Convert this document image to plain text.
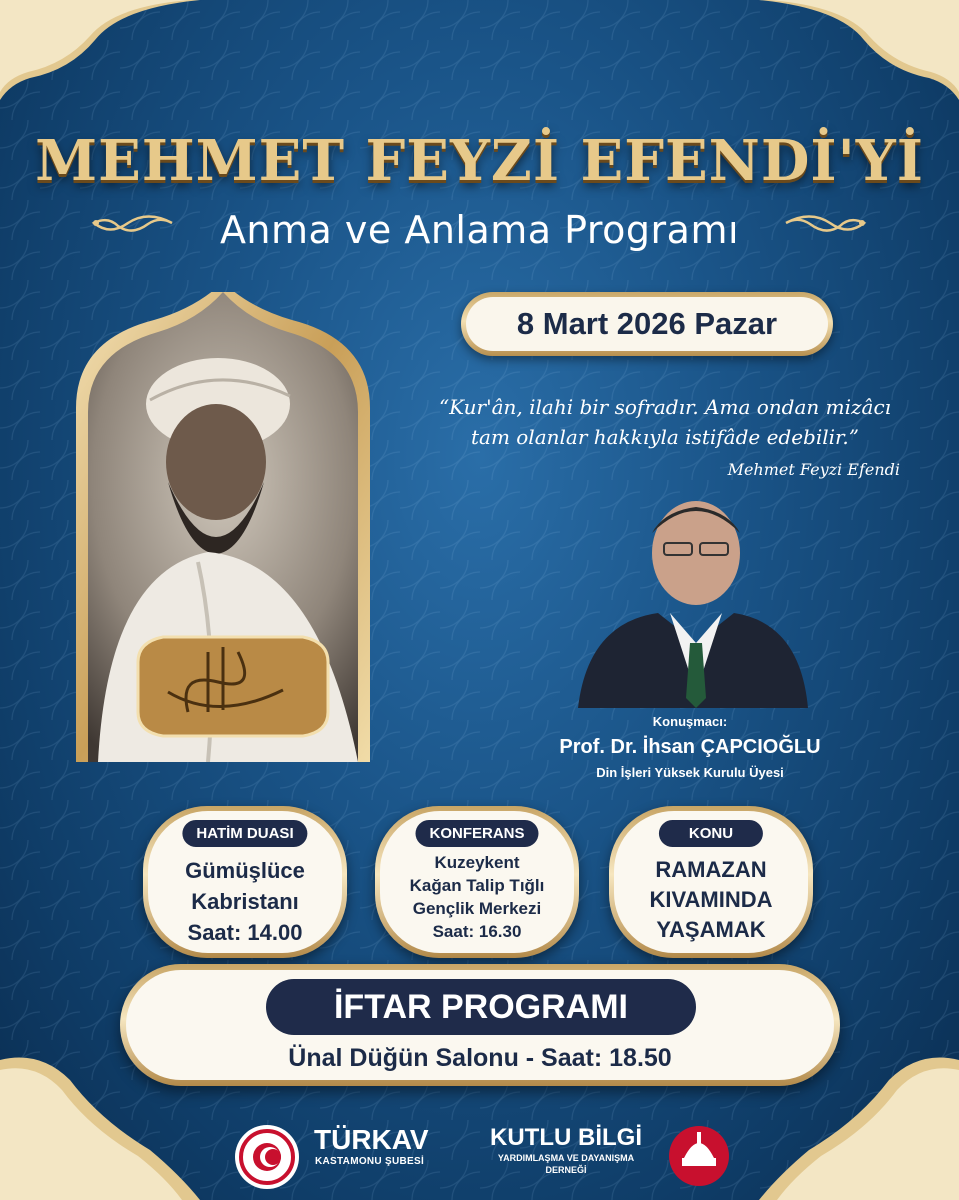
MEHMET FEYZİ EFENDİ'Yİ
Anma ve Anlama Programı
8 Mart 2026 Pazar
“Kur'ân, ilahi bir sofradır. Ama ondan mizâcı
tam olanlar hakkıyla istifâde edebilir.”
Mehmet Feyzi Efendi
Konuşmacı:
Prof. Dr. İhsan ÇAPCIOĞLU
Din İşleri Yüksek Kurulu Üyesi
HATİM DUASI
Gümüşlüce
Kabristanı
Saat: 14.00
KONFERANS
Kuzeykent
Kağan Talip Tığlı
Gençlik Merkezi
Saat: 16.30
KONU
RAMAZAN
KIVAMINDA
YAŞAMAK
İFTAR PROGRAMI
Ünal Düğün Salonu - Saat: 18.50
TÜRKAV
KASTAMONU ŞUBESİ
KUTLU BİLGİ
YARDIMLAŞMA VE DAYANIŞMA
DERNEĞİ
